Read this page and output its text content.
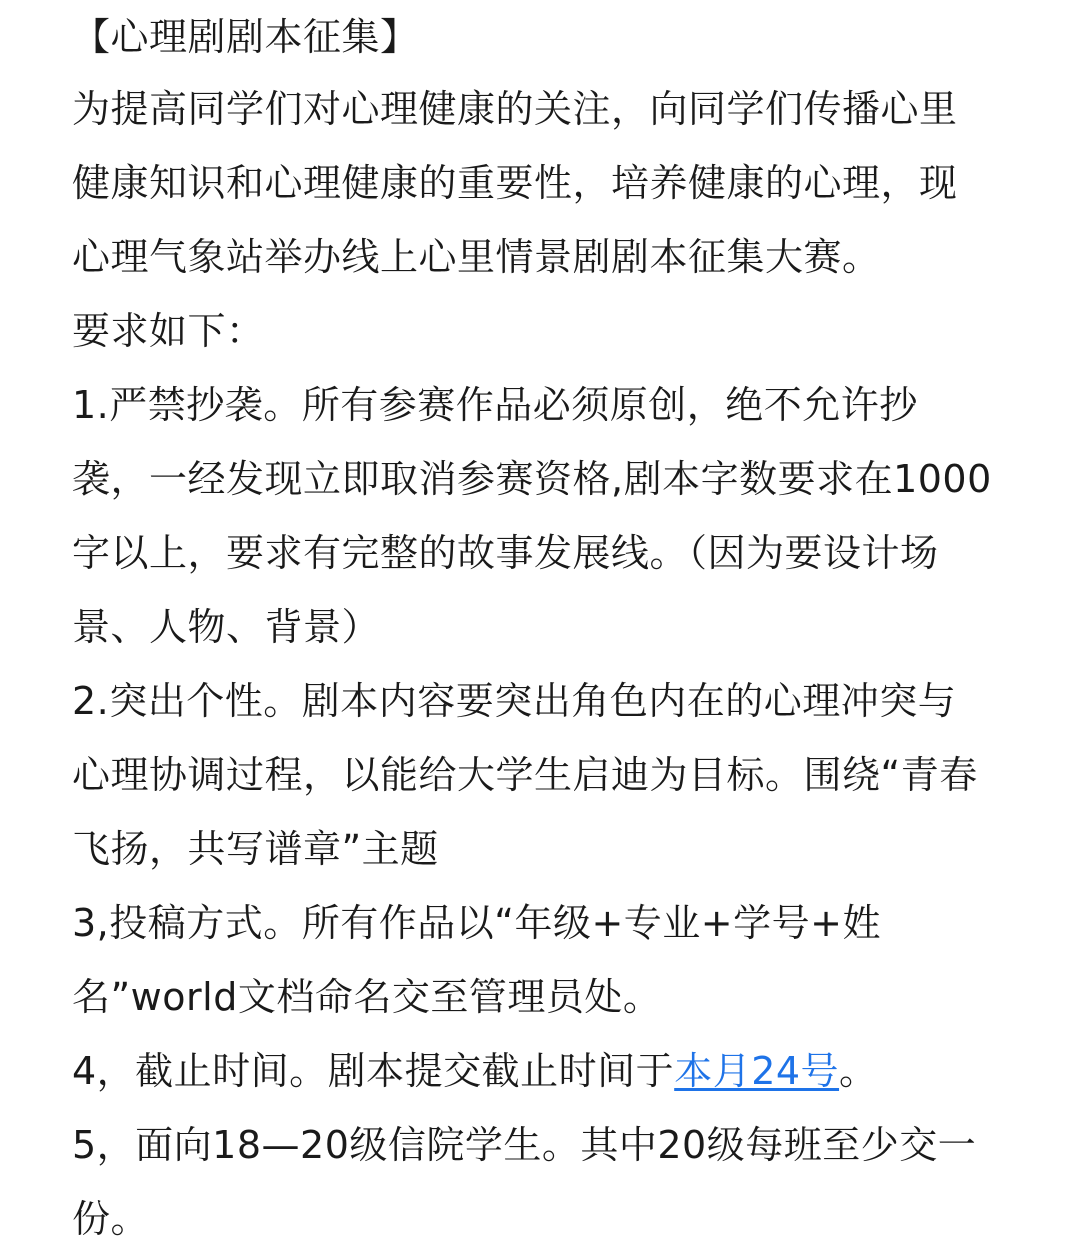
【心理剧剧本征集】
为提高同学们对心理健康的关注，向同学们传播心里
健康知识和心理健康的重要性，培养健康的心理，现
心理气象站举办线上心里情景剧剧本征集大赛。
要求如下：
1.严禁抄袭。所有参赛作品必须原创，绝不允许抄
袭，一经发现立即取消参赛资格,剧本字数要求在1000
字以上，要求有完整的故事发展线。（因为要设计场
景、人物、背景）
2.突出个性。剧本内容要突出角色内在的心理冲突与
心理协调过程，以能给大学生启迪为目标。围绕“青春
飞扬，共写谱章”主题
3,投稿方式。所有作品以“年级+专业+学号+姓
名”world文档命名交至管理员处。
4，截止时间。剧本提交截止时间于本月24号。
5，面向18—20级信院学生。其中20级每班至少交一
份。
